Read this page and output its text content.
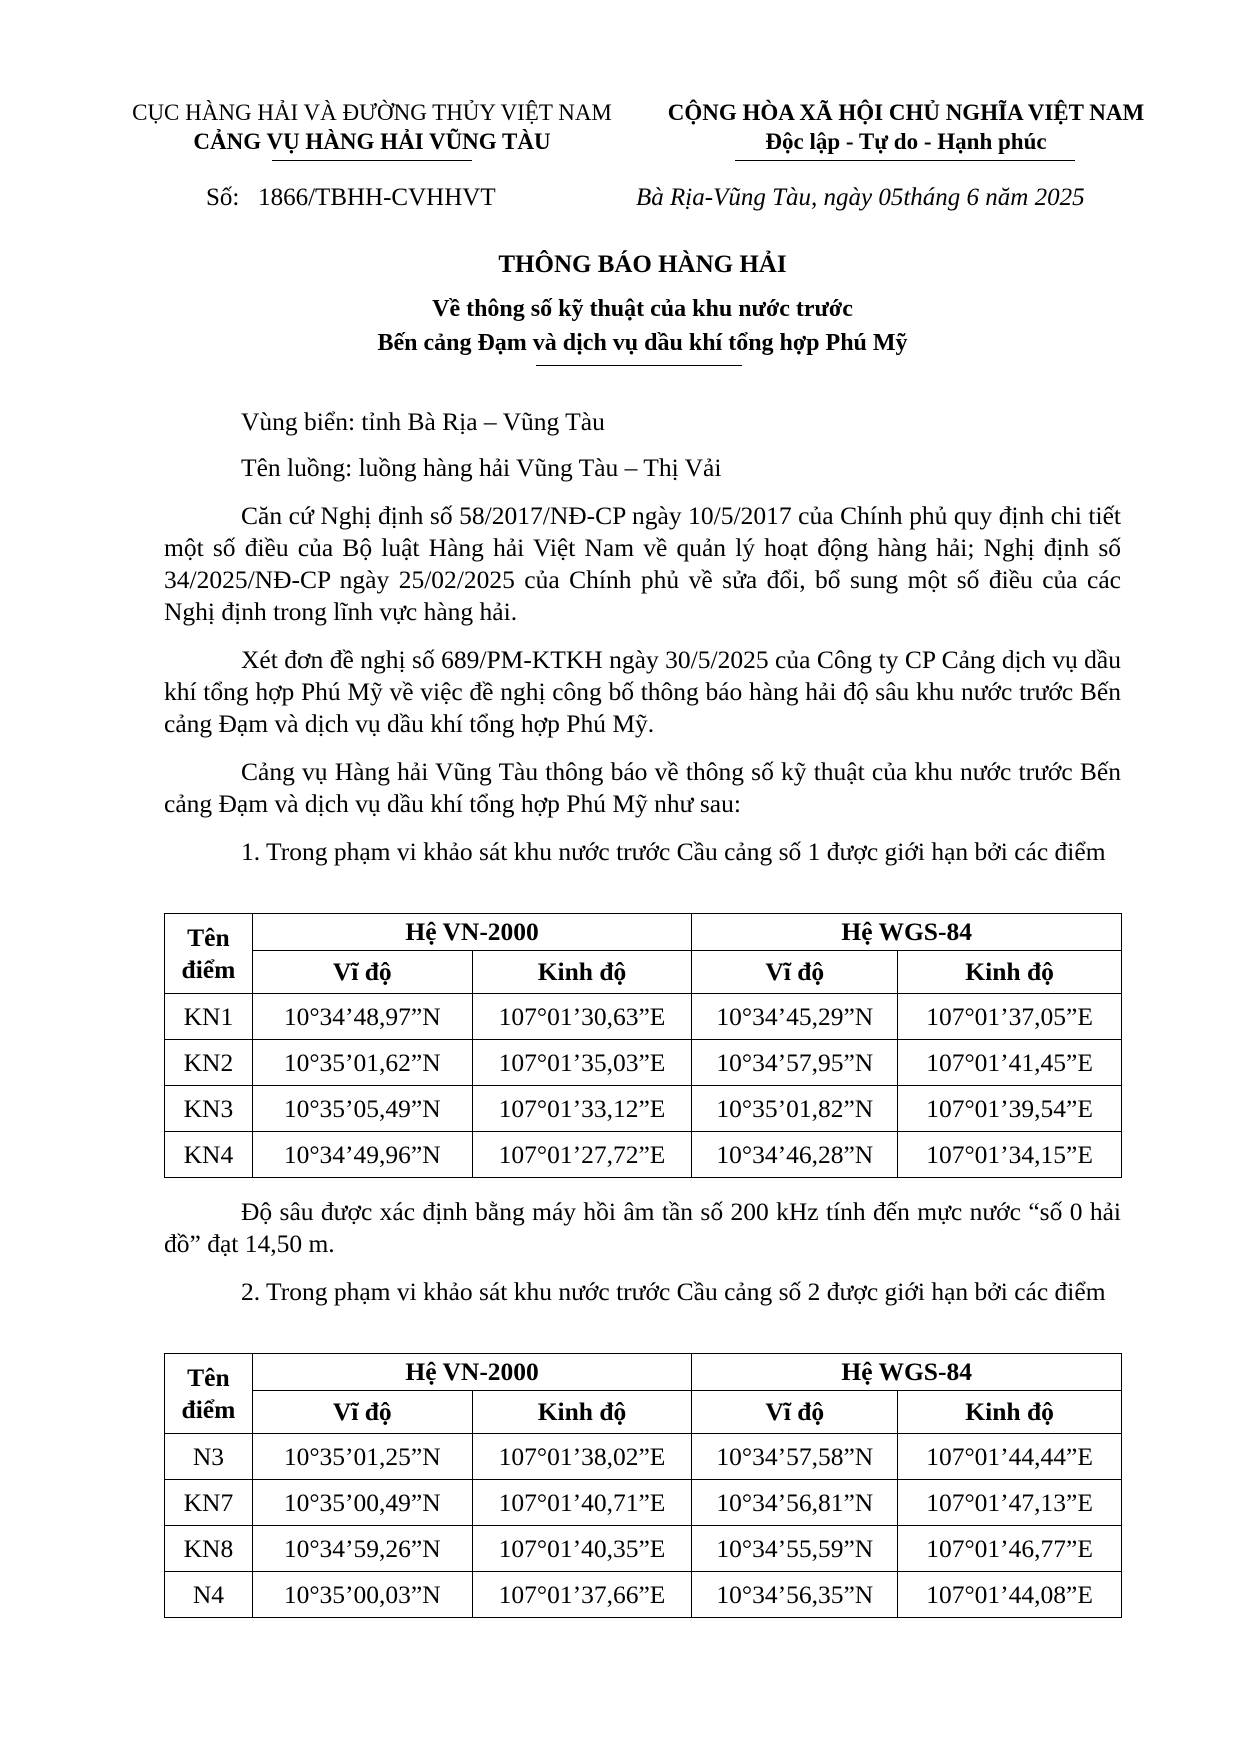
CỤC HÀNG HẢI VÀ ĐƯỜNG THỦY VIỆT NAM
CẢNG VỤ HÀNG HẢI VŨNG TÀU
CỘNG HÒA XÃ HỘI CHỦ NGHĨA VIỆT NAM
Độc lập - Tự do - Hạnh phúc
Số:   1866/TBHH-CVHHVT	Bà Rịa-Vũng Tàu, ngày 05tháng 6 năm 2025
THÔNG BÁO HÀNG HẢI
Về thông số kỹ thuật của khu nước trước
Bến cảng Đạm và dịch vụ dầu khí tổng hợp Phú Mỹ
Vùng biển: tỉnh Bà Rịa – Vũng Tàu
Tên luồng: luồng hàng hải Vũng Tàu – Thị Vải
Căn cứ Nghị định số 58/2017/NĐ-CP ngày 10/5/2017 của Chính phủ quy định chi tiết một số điều của Bộ luật Hàng hải Việt Nam về quản lý hoạt động hàng hải; Nghị định số 34/2025/NĐ-CP ngày 25/02/2025 của Chính phủ về sửa đổi, bổ sung một số điều của các Nghị định trong lĩnh vực hàng hải.
Xét đơn đề nghị số 689/PM-KTKH ngày 30/5/2025 của Công ty CP Cảng dịch vụ dầu khí tổng hợp Phú Mỹ về việc đề nghị công bố thông báo hàng hải độ sâu khu nước trước Bến cảng Đạm và dịch vụ dầu khí tổng hợp Phú Mỹ.
Cảng vụ Hàng hải Vũng Tàu thông báo về thông số kỹ thuật của khu nước trước Bến cảng Đạm và dịch vụ dầu khí tổng hợp Phú Mỹ như sau:
1. Trong phạm vi khảo sát khu nước trước Cầu cảng số 1 được giới hạn bởi các điểm
Tên điểm	Hệ VN-2000		Hệ WGS-84	
	Vĩ độ	Kinh độ	Vĩ độ	Kinh độ
KN1	10°34’48,97”N	107°01’30,63”E	10°34’45,29”N	107°01’37,05”E
KN2	10°35’01,62”N	107°01’35,03”E	10°34’57,95”N	107°01’41,45”E
KN3	10°35’05,49”N	107°01’33,12”E	10°35’01,82”N	107°01’39,54”E
KN4	10°34’49,96”N	107°01’27,72”E	10°34’46,28”N	107°01’34,15”E
Độ sâu được xác định bằng máy hồi âm tần số 200 kHz tính đến mực nước “số 0 hải đồ” đạt 14,50 m.
2. Trong phạm vi khảo sát khu nước trước Cầu cảng số 2 được giới hạn bởi các điểm
Tên điểm	Hệ VN-2000		Hệ WGS-84	
	Vĩ độ	Kinh độ	Vĩ độ	Kinh độ
N3	10°35’01,25”N	107°01’38,02”E	10°34’57,58”N	107°01’44,44”E
KN7	10°35’00,49”N	107°01’40,71”E	10°34’56,81”N	107°01’47,13”E
KN8	10°34’59,26”N	107°01’40,35”E	10°34’55,59”N	107°01’46,77”E
N4	10°35’00,03”N	107°01’37,66”E	10°34’56,35”N	107°01’44,08”E
